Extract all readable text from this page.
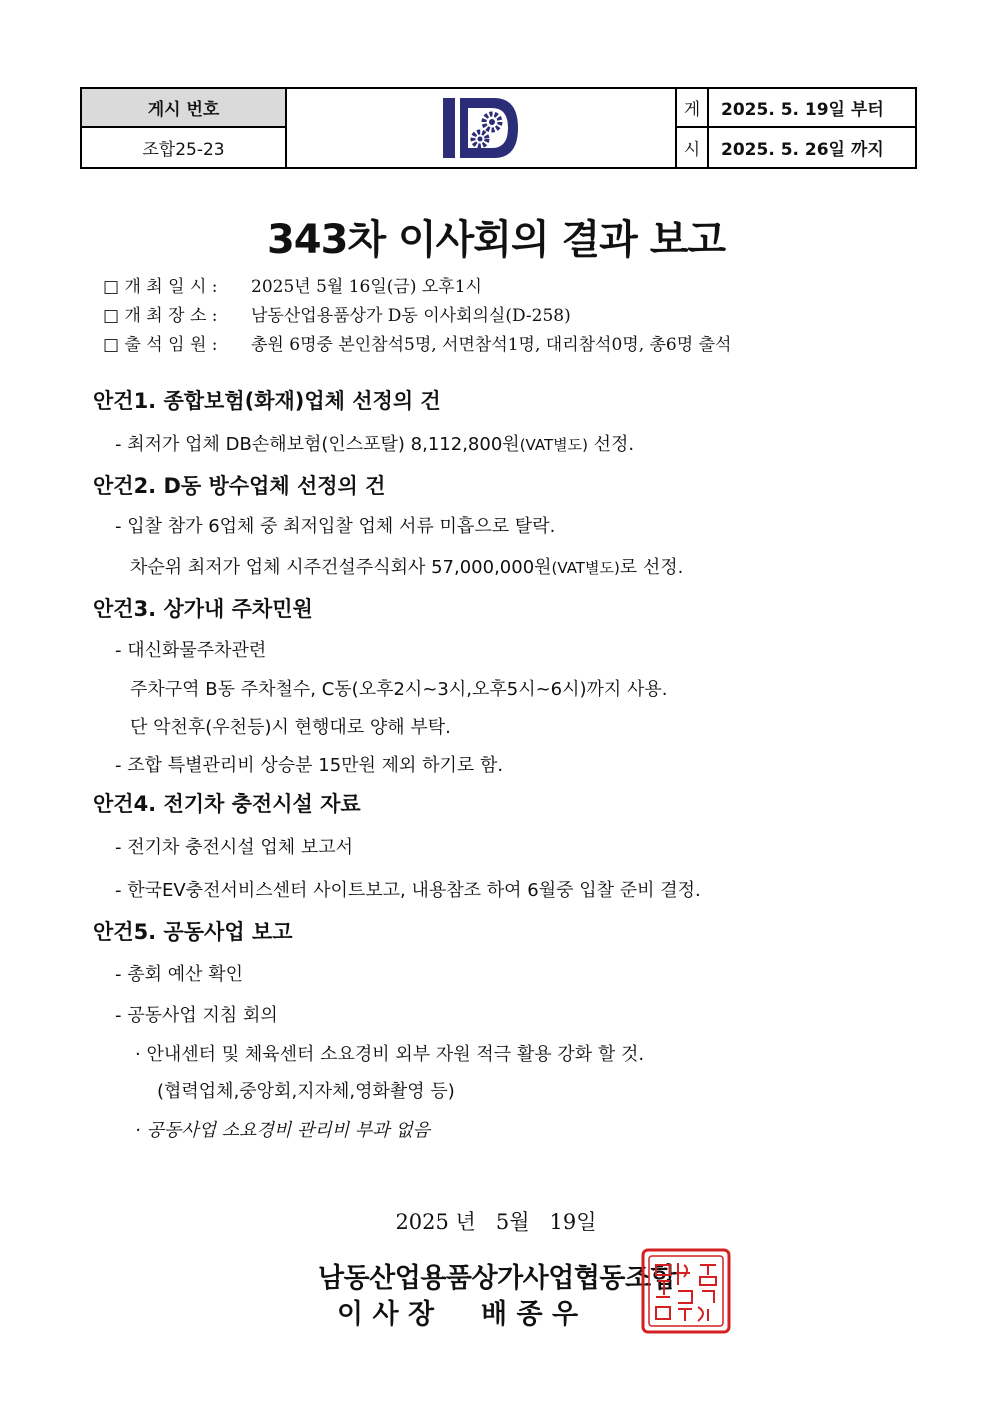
게시 번호
조합25-23
ID
게
시
2025. 5. 19일 부터
2025. 5. 26일 까지
343차 이사회의 결과 보고
□ 개 최 일 시 : 2025년 5월 16일(금) 오후1시
□ 개 최 장 소 : 남동산업용품상가 D동 이사회의실(D-258)
□ 출 석 임 원 : 총원 6명중 본인참석5명, 서면참석1명, 대리참석0명, 총6명 출석
안건1. 종합보험(화재)업체 선정의 건
- 최저가 업체 DB손해보험(인스포탈) 8,112,800원(VAT별도) 선정.
안건2. D동 방수업체 선정의 건
- 입찰 참가 6업체 중 최저입찰 업체 서류 미흡으로 탈락.
차순위 최저가 업체 시주건설주식회사 57,000,000원(VAT별도)로 선정.
안건3. 상가내 주차민원
- 대신화물주차관련
주차구역 B동 주차철수, C동(오후2시~3시,오후5시~6시)까지 사용.
단 악천후(우천등)시 현행대로 양해 부탁.
- 조합 특별관리비 상승분 15만원 제외 하기로 함.
안건4. 전기차 충전시설 자료
- 전기차 충전시설 업체 보고서
- 한국EV충전서비스센터 사이트보고, 내용참조 하여 6월중 입찰 준비 결정.
안건5. 공동사업 보고
- 총회 예산 확인
- 공동사업 지침 회의
· 안내센터 및 체육센터 소요경비 외부 자원 적극 활용 강화 할 것.
(협력업체,중앙회,지자체,영화촬영 등)
· 공동사업 소요경비 관리비 부과 없음
2025 년   5월   19일
남동산업용품상가사업협동조합
이 사 장     배 종 우
